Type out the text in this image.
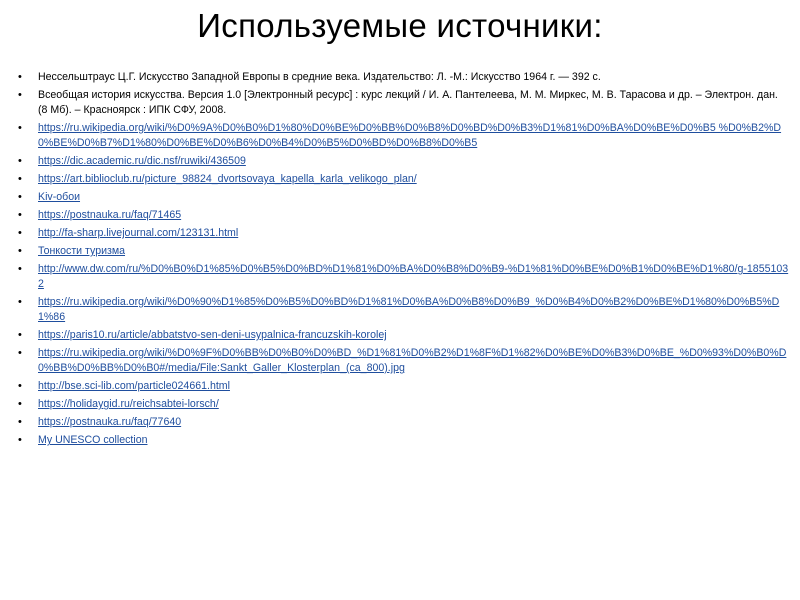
Используемые источники:
• Нессельштраус Ц.Г. Искусство Западной Европы в средние века. Издательство: Л. -М.: Искусство 1964 г. — 392 с.
• Всеобщая история искусства. Версия 1.0 [Электронный ресурс] : курс лекций / И. А. Пантелеева, М. М. Миркес, М. В. Тарасова и др. – Электрон. дан. (8 Мб). – Красноярск : ИПК СФУ, 2008.
• https://ru.wikipedia.org/wiki/%D0%9A%D0%B0%D1%80%D0%BE%D0%BB%D0%B8%D0%BD%D0%B3%D1%81%D0%BA%D0%BE%D0%B5 %D0%B2%D0%BE%D0%B7%D1%80%D0%BE%D0%B6%D0%B4%D0%B5%D0%BD%D0%B8%D0%B5
• https://dic.academic.ru/dic.nsf/ruwiki/436509
• https://art.biblioclub.ru/picture_98824_dvortsovaya_kapella_karla_velikogo_plan/
• Kiv-обои
• https://postnauka.ru/faq/71465
• http://fa-sharp.livejournal.com/123131.html
• Тонкости туризма
• http://www.dw.com/ru/%D0%B0%D1%85%D0%B5%D0%BD%D1%81%D0%BA%D0%B8%D0%B9-%D1%81%D0%BE%D0%B1%D0%BE%D1%80/g-18551032
• https://ru.wikipedia.org/wiki/%D0%90%D1%85%D0%B5%D0%BD%D1%81%D0%BA%D0%B8%D0%B9_%D0%B4%D0%B2%D0%BE%D1%80%D0%B5%D1%86
• https://paris10.ru/article/abbatstvo-sen-deni-usypalnica-francuzskih-korolej
• https://ru.wikipedia.org/wiki/%D0%9F%D0%BB%D0%B0%D0%BD_%D1%81%D0%B2%D1%8F%D1%82%D0%BE%D0%B3%D0%BE_%D0%93%D0%B0%D0%BB%D0%BB%D0%B0#/media/File:Sankt_Galler_Klosterplan_(ca_800).jpg
• http://bse.sci-lib.com/particle024661.html
• https://holidaygid.ru/reichsabtei-lorsch/
• https://postnauka.ru/faq/77640
• My UNESCO collection
